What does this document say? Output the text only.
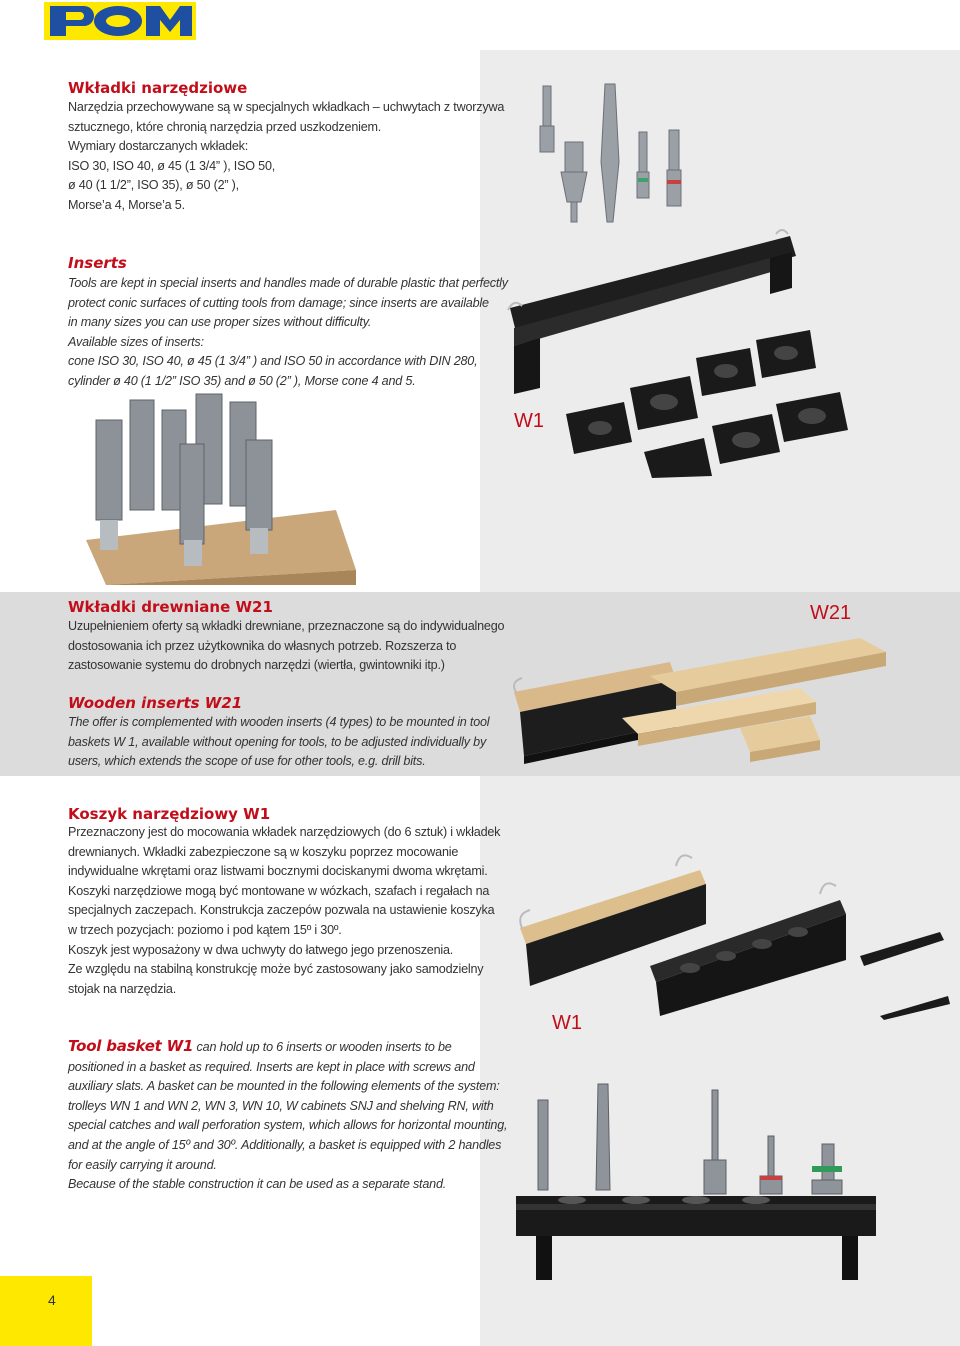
Wkładki narzędziowe
Narzędzia przechowywane są w specjalnych wkładkach – uchwytach z tworzywa
sztucznego, które chronią narzędzia przed uszkodzeniem.
Wymiary dostarczanych wkładek:
ISO 30, ISO 40, ø 45 (1 3/4” ), ISO 50,
ø 40 (1 1/2”, ISO 35), ø 50 (2” ),
Morse’a 4, Morse’a 5.
Inserts
Tools are kept in special inserts and handles made of durable plastic that perfectly
protect conic surfaces of cutting tools from damage; since inserts are available
in many sizes you can use proper sizes without difficulty.
Available sizes of inserts:
cone ISO 30, ISO 40, ø 45 (1 3/4” ) and ISO 50 in accordance with DIN 280,
cylinder ø 40 (1 1/2” ISO 35) and ø 50 (2” ), Morse cone 4 and 5.
W1
Wkładki drewniane W21
Uzupełnieniem oferty są wkładki drewniane, przeznaczone są do indywidualnego
dostosowania ich przez użytkownika do własnych potrzeb. Rozszerza to
zastosowanie systemu do drobnych narzędzi (wiertła, gwintowniki itp.)
Wooden inserts W21
The offer is complemented with wooden inserts (4 types) to be mounted in tool
baskets W 1, available without opening for tools, to be adjusted individually by
users, which extends the scope of use for other tools, e.g. drill bits.
W21
Koszyk narzędziowy W1
Przeznaczony jest do mocowania wkładek narzędziowych (do 6 sztuk) i wkładek
drewnianych. Wkładki zabezpieczone są w koszyku poprzez mocowanie
indywidualne wkrętami oraz listwami bocznymi dociskanymi dwoma wkrętami.
Koszyki narzędziowe mogą być montowane w wózkach, szafach i regałach na
specjalnych zaczepach. Konstrukcja zaczepów pozwala na ustawienie koszyka
w trzech pozycjach: poziomo i pod kątem 15º i 30º.
Koszyk jest wyposażony w dwa uchwyty do łatwego jego przenoszenia.
Ze względu na stabilną konstrukcję może być zastosowany jako samodzielny
stojak na narzędzia.
Tool basket W1 can hold up to 6 inserts or wooden inserts to be
positioned in a basket as required. Inserts are kept in place with screws and
auxiliary slats. A basket can be mounted in the following elements of the system:
trolleys WN 1 and WN 2, WN 3, WN 10, W cabinets SNJ and shelving RN, with
special catches and wall perforation system, which allows for horizontal mounting,
and at the angle of 15º and 30º. Additionally, a basket is equipped with 2 handles
for easily carrying it around.
Because of the stable construction it can be used as a separate stand.
W1
4
